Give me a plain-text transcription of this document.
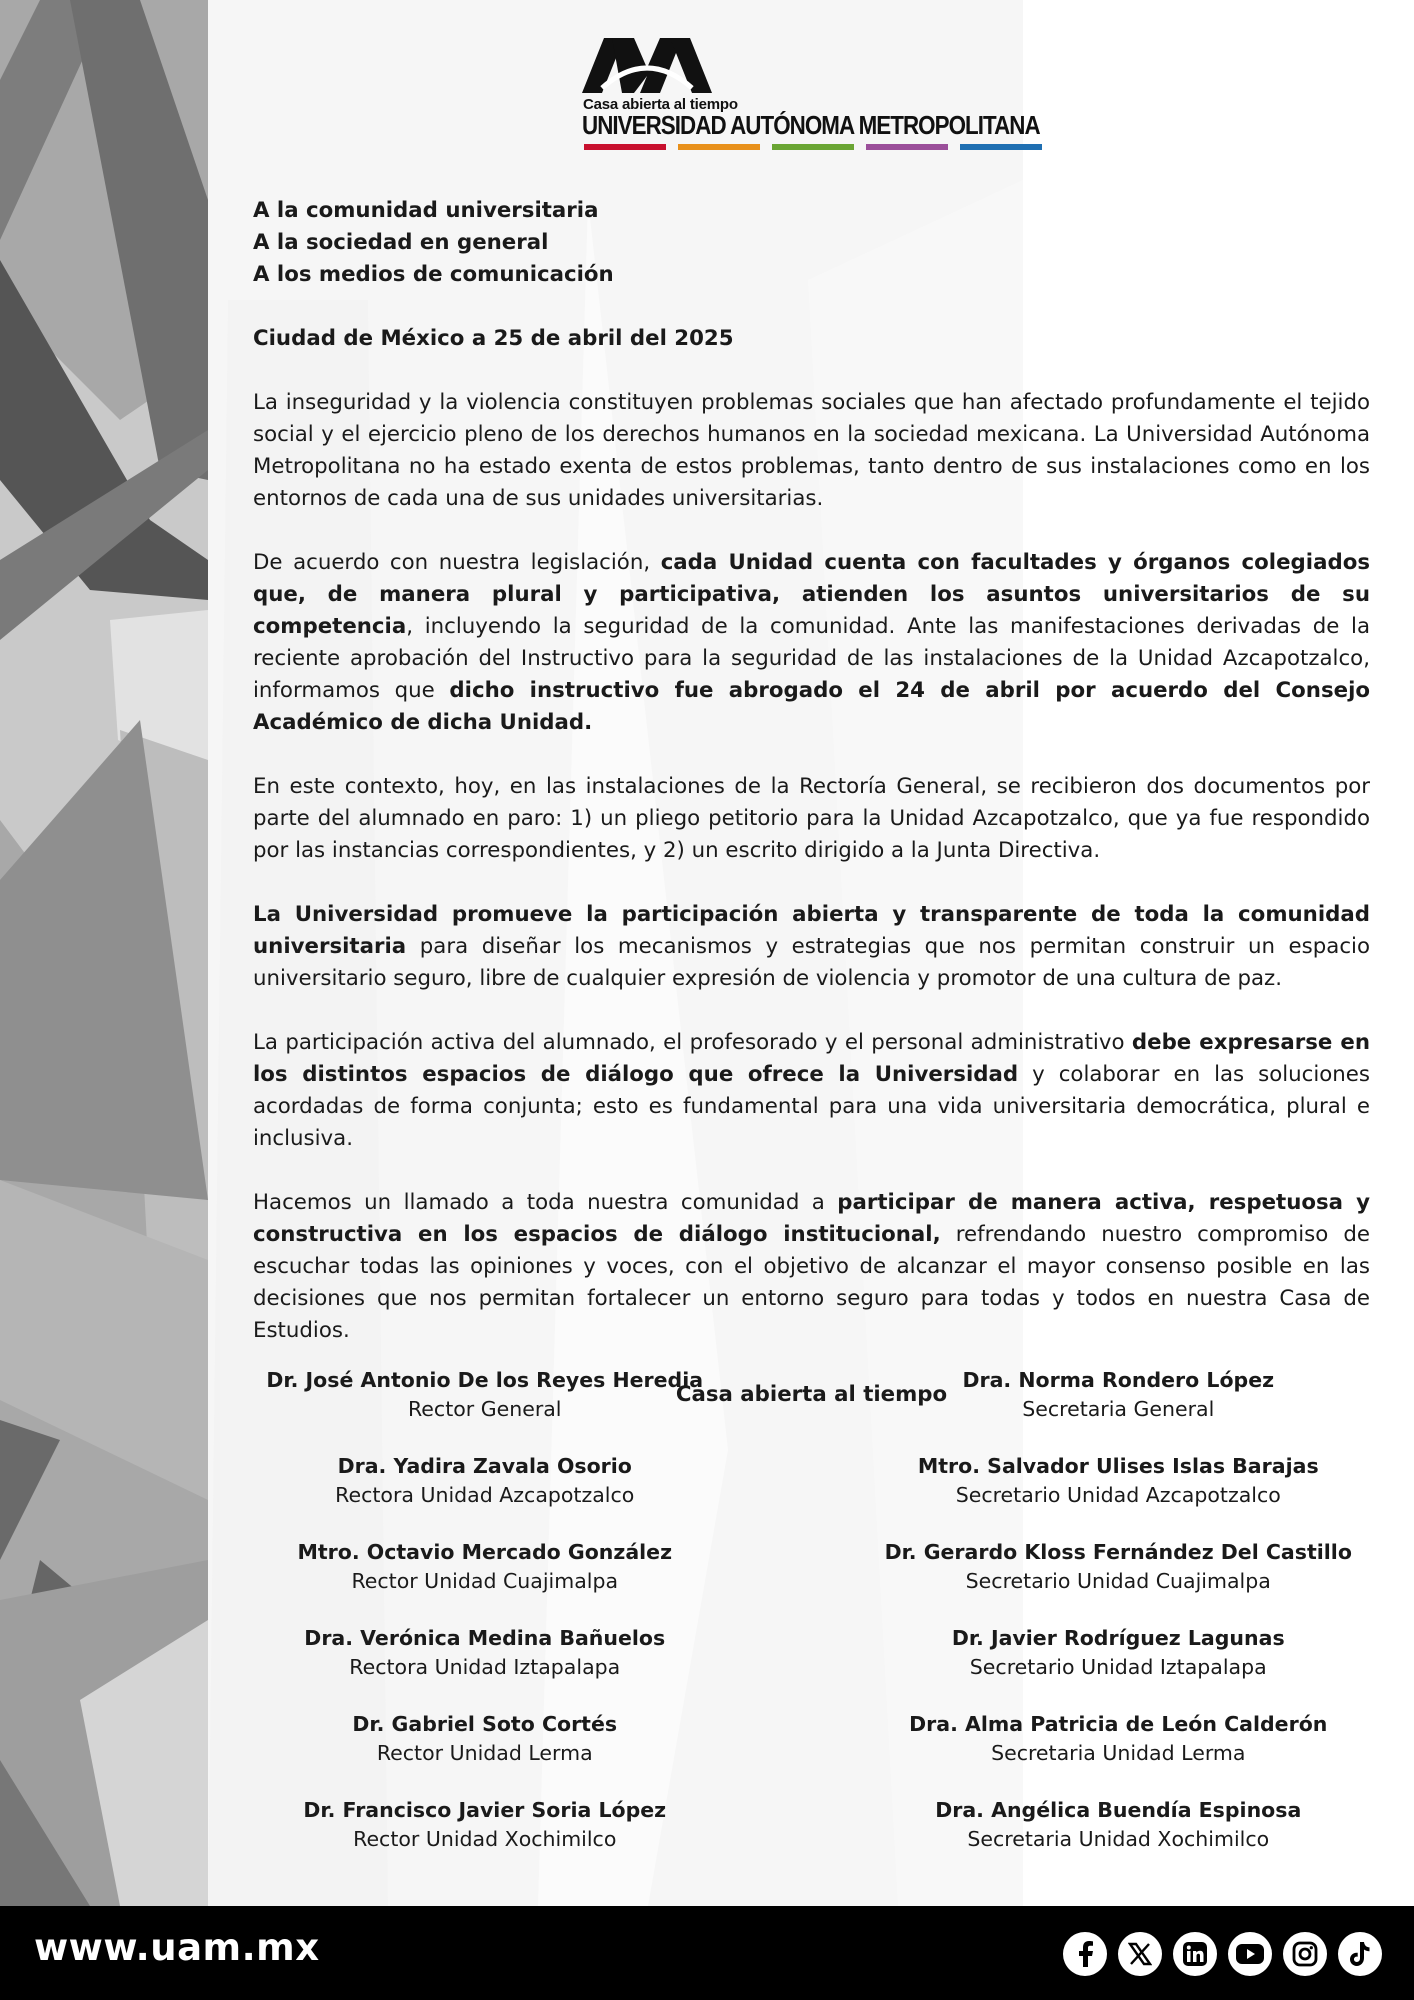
Casa abierta al tiempo
UNIVERSIDAD AUTÓNOMA METROPOLITANA
A la comunidad universitaria
A la sociedad en general
A los medios de comunicación
Ciudad de México a 25 de abril del 2025

La inseguridad y la violencia constituyen problemas sociales que han afectado profundamente el tejido social y el ejercicio pleno de los derechos humanos en la sociedad mexicana. La Universidad Autónoma Metropolitana no ha estado exenta de estos problemas, tanto dentro de sus instalaciones como en los entornos de cada una de sus unidades universitarias.

De acuerdo con nuestra legislación, cada Unidad cuenta con facultades y órganos colegiados que, de manera plural y participativa, atienden los asuntos universitarios de su competencia, incluyendo la seguridad de la comunidad. Ante las manifestaciones derivadas de la reciente aprobación del Instructivo para la seguridad de las instalaciones de la Unidad Azcapotzalco, informamos que dicho instructivo fue abrogado el 24 de abril por acuerdo del Consejo Académico de dicha Unidad.

En este contexto, hoy, en las instalaciones de la Rectoría General, se recibieron dos documentos por parte del alumnado en paro: 1) un pliego petitorio para la Unidad Azcapotzalco, que ya fue respondido por las instancias correspondientes, y 2) un escrito dirigido a la Junta Directiva.

La Universidad promueve la participación abierta y transparente de toda la comunidad universitaria para diseñar los mecanismos y estrategias que nos permitan construir un espacio universitario seguro, libre de cualquier expresión de violencia y promotor de una cultura de paz.

La participación activa del alumnado, el profesorado y el personal administrativo debe expresarse en los distintos espacios de diálogo que ofrece la Universidad y colaborar en las soluciones acordadas de forma conjunta; esto es fundamental para una vida universitaria democrática, plural e inclusiva.

Hacemos un llamado a toda nuestra comunidad a participar de manera activa, respetuosa y constructiva en los espacios de diálogo institucional, refrendando nuestro compromiso de escuchar todas las opiniones y voces, con el objetivo de alcanzar el mayor consenso posible en las decisiones que nos permitan fortalecer un entorno seguro para todas y todos en nuestra Casa de Estudios.

Casa abierta al tiempo
Dr. José Antonio De los Reyes Heredia
Rector General
Dra. Norma Rondero López
Secretaria General
Dra. Yadira Zavala Osorio
Rectora Unidad Azcapotzalco
Mtro. Salvador Ulises Islas Barajas
Secretario Unidad Azcapotzalco
Mtro. Octavio Mercado González
Rector Unidad Cuajimalpa
Dr. Gerardo Kloss Fernández Del Castillo
Secretario Unidad Cuajimalpa
Dra. Verónica Medina Bañuelos
Rectora Unidad Iztapalapa
Dr. Javier Rodríguez Lagunas
Secretario Unidad Iztapalapa
Dr. Gabriel Soto Cortés
Rector Unidad Lerma
Dra. Alma Patricia de León Calderón
Secretaria Unidad Lerma
Dr. Francisco Javier Soria López
Rector Unidad Xochimilco
Dra. Angélica Buendía Espinosa
Secretaria Unidad Xochimilco
www.uam.mx
